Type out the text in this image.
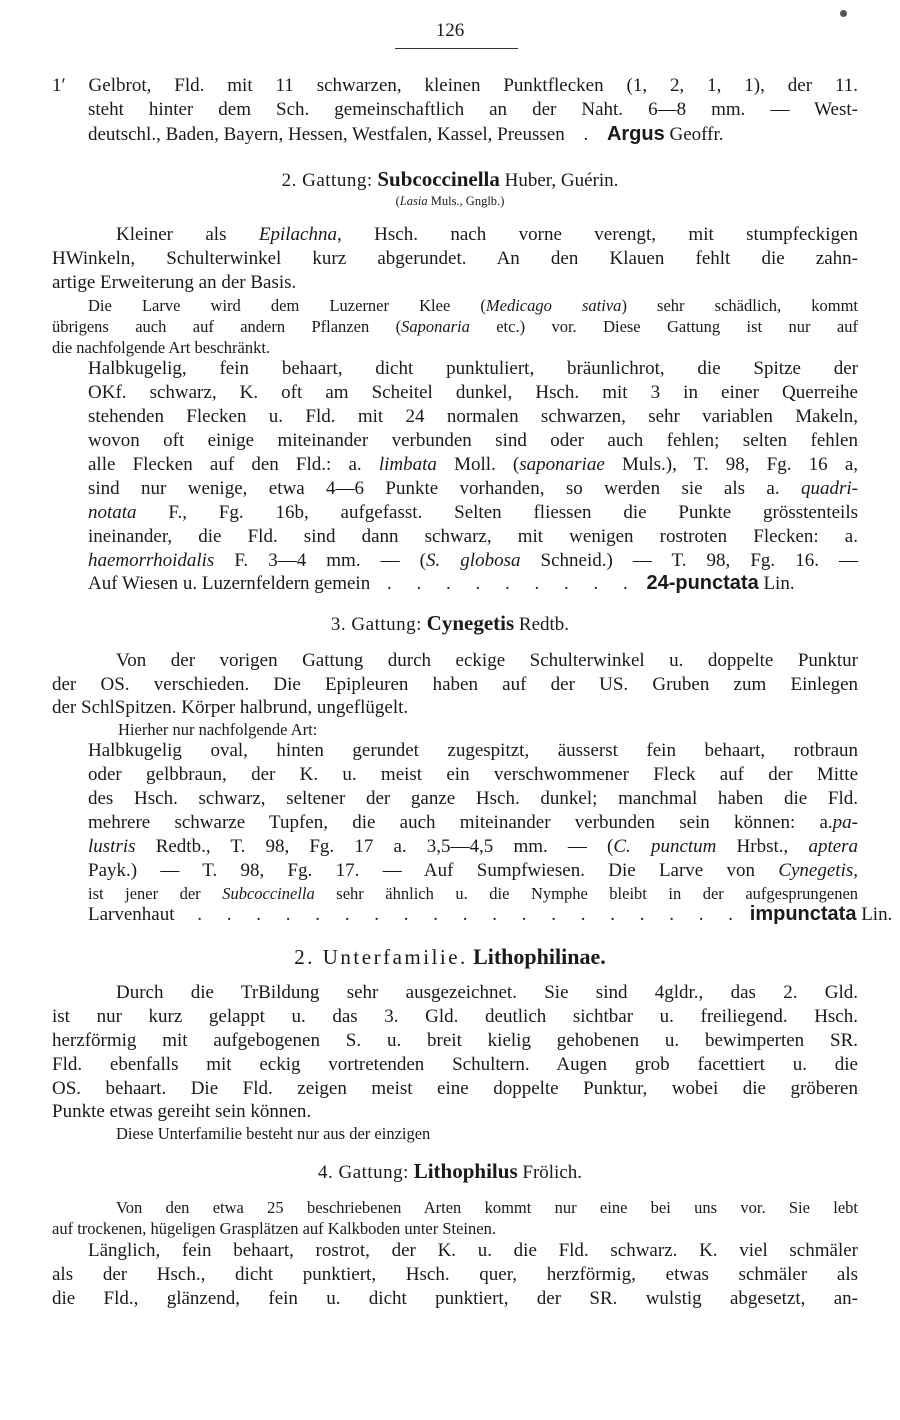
126
1′ Gelbrot, Fld. mit 11 schwarzen, kleinen Punktflecken (1, 2, 1, 1), der 11.
steht hinter dem Sch. gemeinschaftlich an der Naht. 6—8 mm. — West-
deutschl., Baden, Bayern, Hessen, Westfalen, Kassel, Preussen . Argus Geoffr.
2. Gattung: Subcoccinella Huber, Guérin.
(Lasia Muls., Gnglb.)
Kleiner als Epilachna, Hsch. nach vorne verengt, mit stumpfeckigen
HWinkeln, Schulterwinkel kurz abgerundet. An den Klauen fehlt die zahn-
artige Erweiterung an der Basis.
Die Larve wird dem Luzerner Klee (Medicago sativa) sehr schädlich, kommt
übrigens auch auf andern Pflanzen (Saponaria etc.) vor. Diese Gattung ist nur auf
die nachfolgende Art beschränkt.
Halbkugelig, fein behaart, dicht punktuliert, bräunlichrot, die Spitze der
OKf. schwarz, K. oft am Scheitel dunkel, Hsch. mit 3 in einer Querreihe
stehenden Flecken u. Fld. mit 24 normalen schwarzen, sehr variablen Makeln,
wovon oft einige miteinander verbunden sind oder auch fehlen; selten fehlen
alle Flecken auf den Fld.: a. limbata Moll. (saponariae Muls.), T. 98, Fg. 16 a,
sind nur wenige, etwa 4—6 Punkte vorhanden, so werden sie als a. quadri-
notata F., Fg. 16b, aufgefasst. Selten fliessen die Punkte grösstenteils
ineinander, die Fld. sind dann schwarz, mit wenigen rostroten Flecken: a.
haemorrhoidalis F. 3—4 mm. — (S. globosa Schneid.) — T. 98, Fg. 16. —
Auf Wiesen u. Luzernfeldern gemein . . . . . . . . . 24-punctata Lin.
3. Gattung: Cynegetis Redtb.
Von der vorigen Gattung durch eckige Schulterwinkel u. doppelte Punktur
der OS. verschieden. Die Epipleuren haben auf der US. Gruben zum Einlegen
der SchlSpitzen. Körper halbrund, ungeflügelt.
Hierher nur nachfolgende Art:
Halbkugelig oval, hinten gerundet zugespitzt, äusserst fein behaart, rotbraun
oder gelbbraun, der K. u. meist ein verschwommener Fleck auf der Mitte
des Hsch. schwarz, seltener der ganze Hsch. dunkel; manchmal haben die Fld.
mehrere schwarze Tupfen, die auch miteinander verbunden sein können: a.pa-
lustris Redtb., T. 98, Fg. 17 a. 3,5—4,5 mm. — (C. punctum Hrbst., aptera
Payk.) — T. 98, Fg. 17. — Auf Sumpfwiesen. Die Larve von Cynegetis,
ist jener der Subcoccinella sehr ähnlich u. die Nymphe bleibt in der aufgesprungenen
Larvenhaut . . . . . . . . . . . . . . . . . . . impunctata Lin.
2. Unterfamilie. Lithophilinae.
Durch die TrBildung sehr ausgezeichnet. Sie sind 4gldr., das 2. Gld.
ist nur kurz gelappt u. das 3. Gld. deutlich sichtbar u. freiliegend. Hsch.
herzförmig mit aufgebogenen S. u. breit kielig gehobenen u. bewimperten SR.
Fld. ebenfalls mit eckig vortretenden Schultern. Augen grob facettiert u. die
OS. behaart. Die Fld. zeigen meist eine doppelte Punktur, wobei die gröberen
Punkte etwas gereiht sein können.
Diese Unterfamilie besteht nur aus der einzigen
4. Gattung: Lithophilus Frölich.
Von den etwa 25 beschriebenen Arten kommt nur eine bei uns vor. Sie lebt
auf trockenen, hügeligen Grasplätzen auf Kalkboden unter Steinen.
Länglich, fein behaart, rostrot, der K. u. die Fld. schwarz. K. viel schmäler
als der Hsch., dicht punktiert, Hsch. quer, herzförmig, etwas schmäler als
die Fld., glänzend, fein u. dicht punktiert, der SR. wulstig abgesetzt, an-
